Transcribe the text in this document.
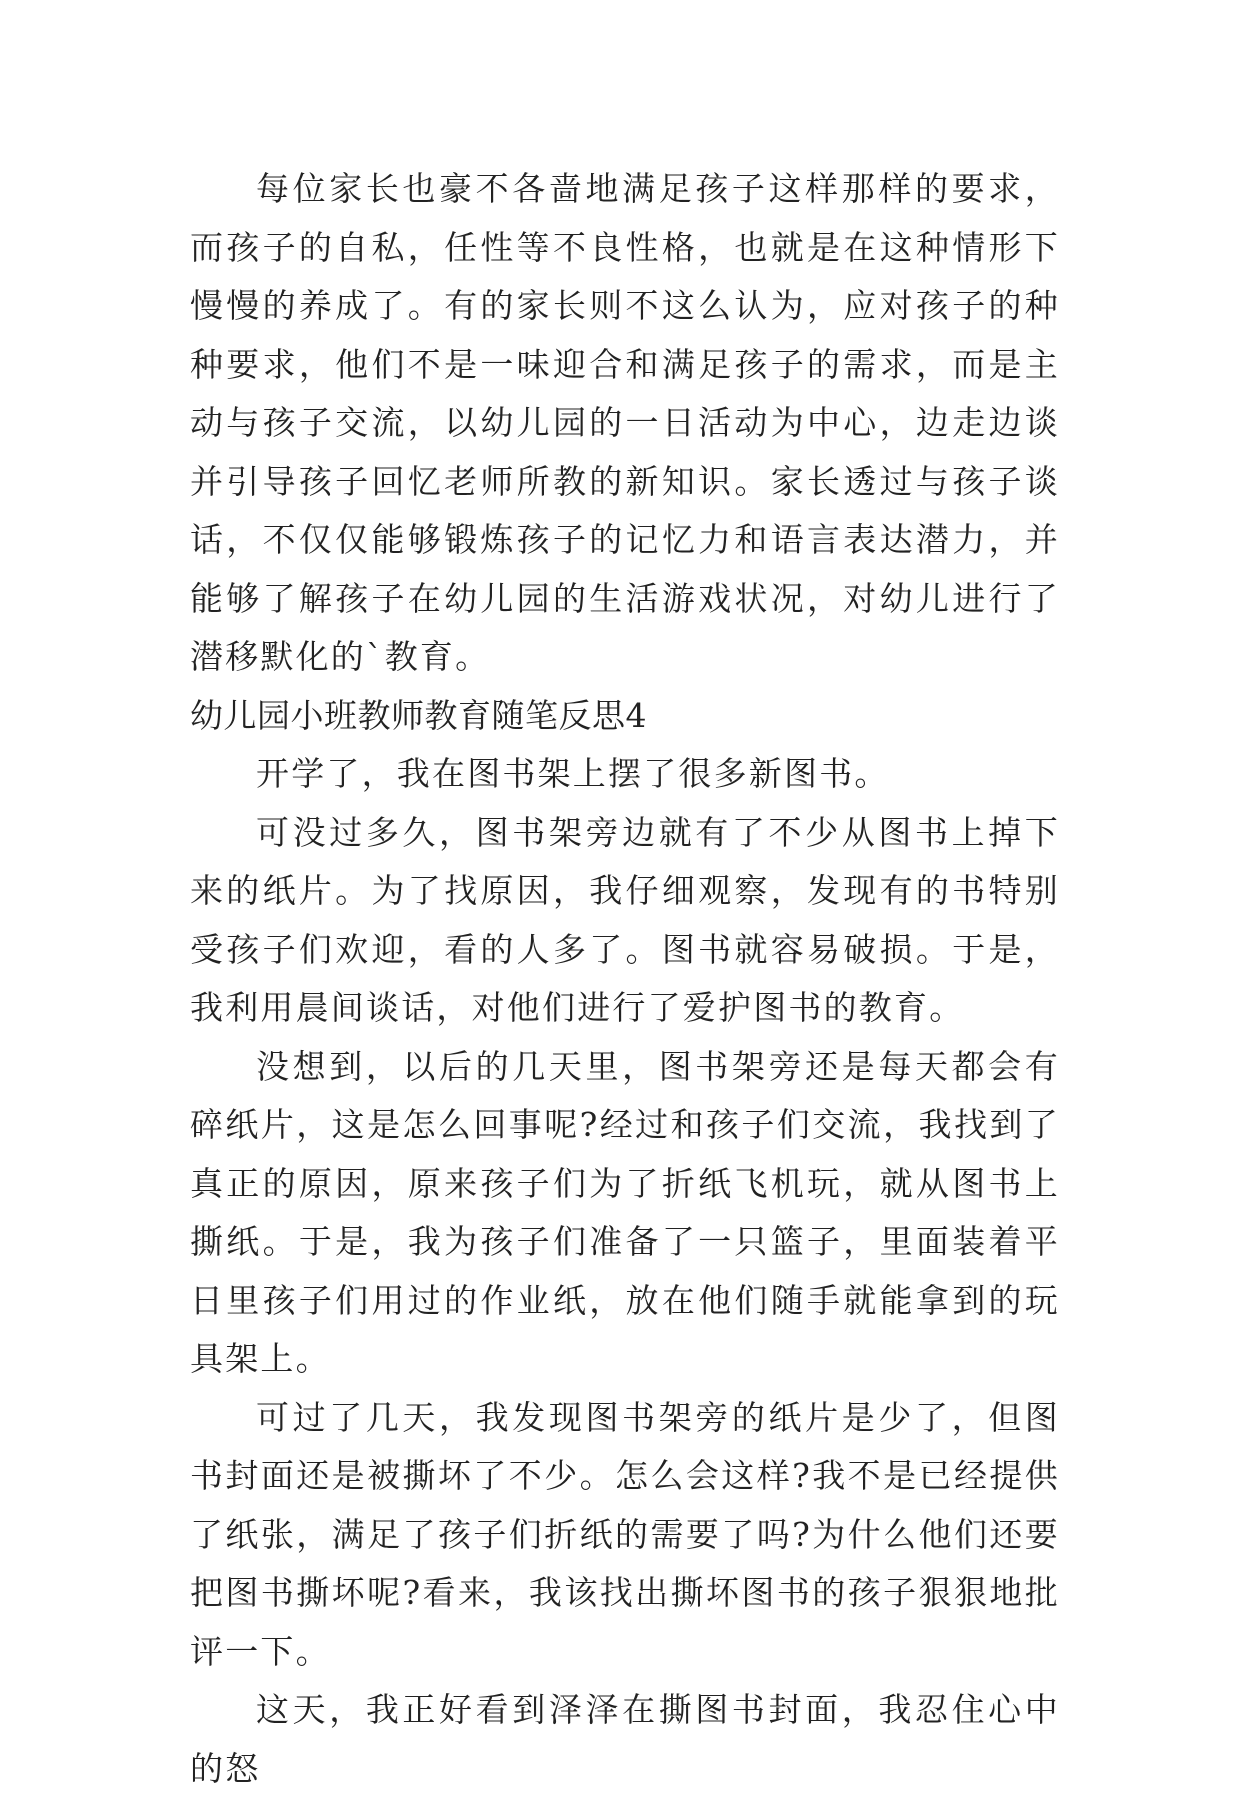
每位家长也豪不各啬地满足孩子这样那样的要求，而孩子的自私，任性等不良性格，也就是在这种情形下慢慢的养成了。有的家长则不这么认为，应对孩子的种种要求，他们不是一味迎合和满足孩子的需求，而是主动与孩子交流，以幼儿园的一日活动为中心，边走边谈并引导孩子回忆老师所教的新知识。家长透过与孩子谈话，不仅仅能够锻炼孩子的记忆力和语言表达潜力，并能够了解孩子在幼儿园的生活游戏状况，对幼儿进行了潜移默化的`教育。

幼儿园小班教师教育随笔反思4

开学了，我在图书架上摆了很多新图书。

可没过多久，图书架旁边就有了不少从图书上掉下来的纸片。为了找原因，我仔细观察，发现有的书特别受孩子们欢迎，看的人多了。图书就容易破损。于是，我利用晨间谈话，对他们进行了爱护图书的教育。

没想到，以后的几天里，图书架旁还是每天都会有碎纸片，这是怎么回事呢?经过和孩子们交流，我找到了真正的原因，原来孩子们为了折纸飞机玩，就从图书上撕纸。于是，我为孩子们准备了一只篮子，里面装着平日里孩子们用过的作业纸，放在他们随手就能拿到的玩具架上。

可过了几天，我发现图书架旁的纸片是少了，但图书封面还是被撕坏了不少。怎么会这样?我不是已经提供了纸张，满足了孩子们折纸的需要了吗?为什么他们还要把图书撕坏呢?看来，我该找出撕坏图书的孩子狠狠地批评一下。

这天，我正好看到泽泽在撕图书封面，我忍住心中的怒
